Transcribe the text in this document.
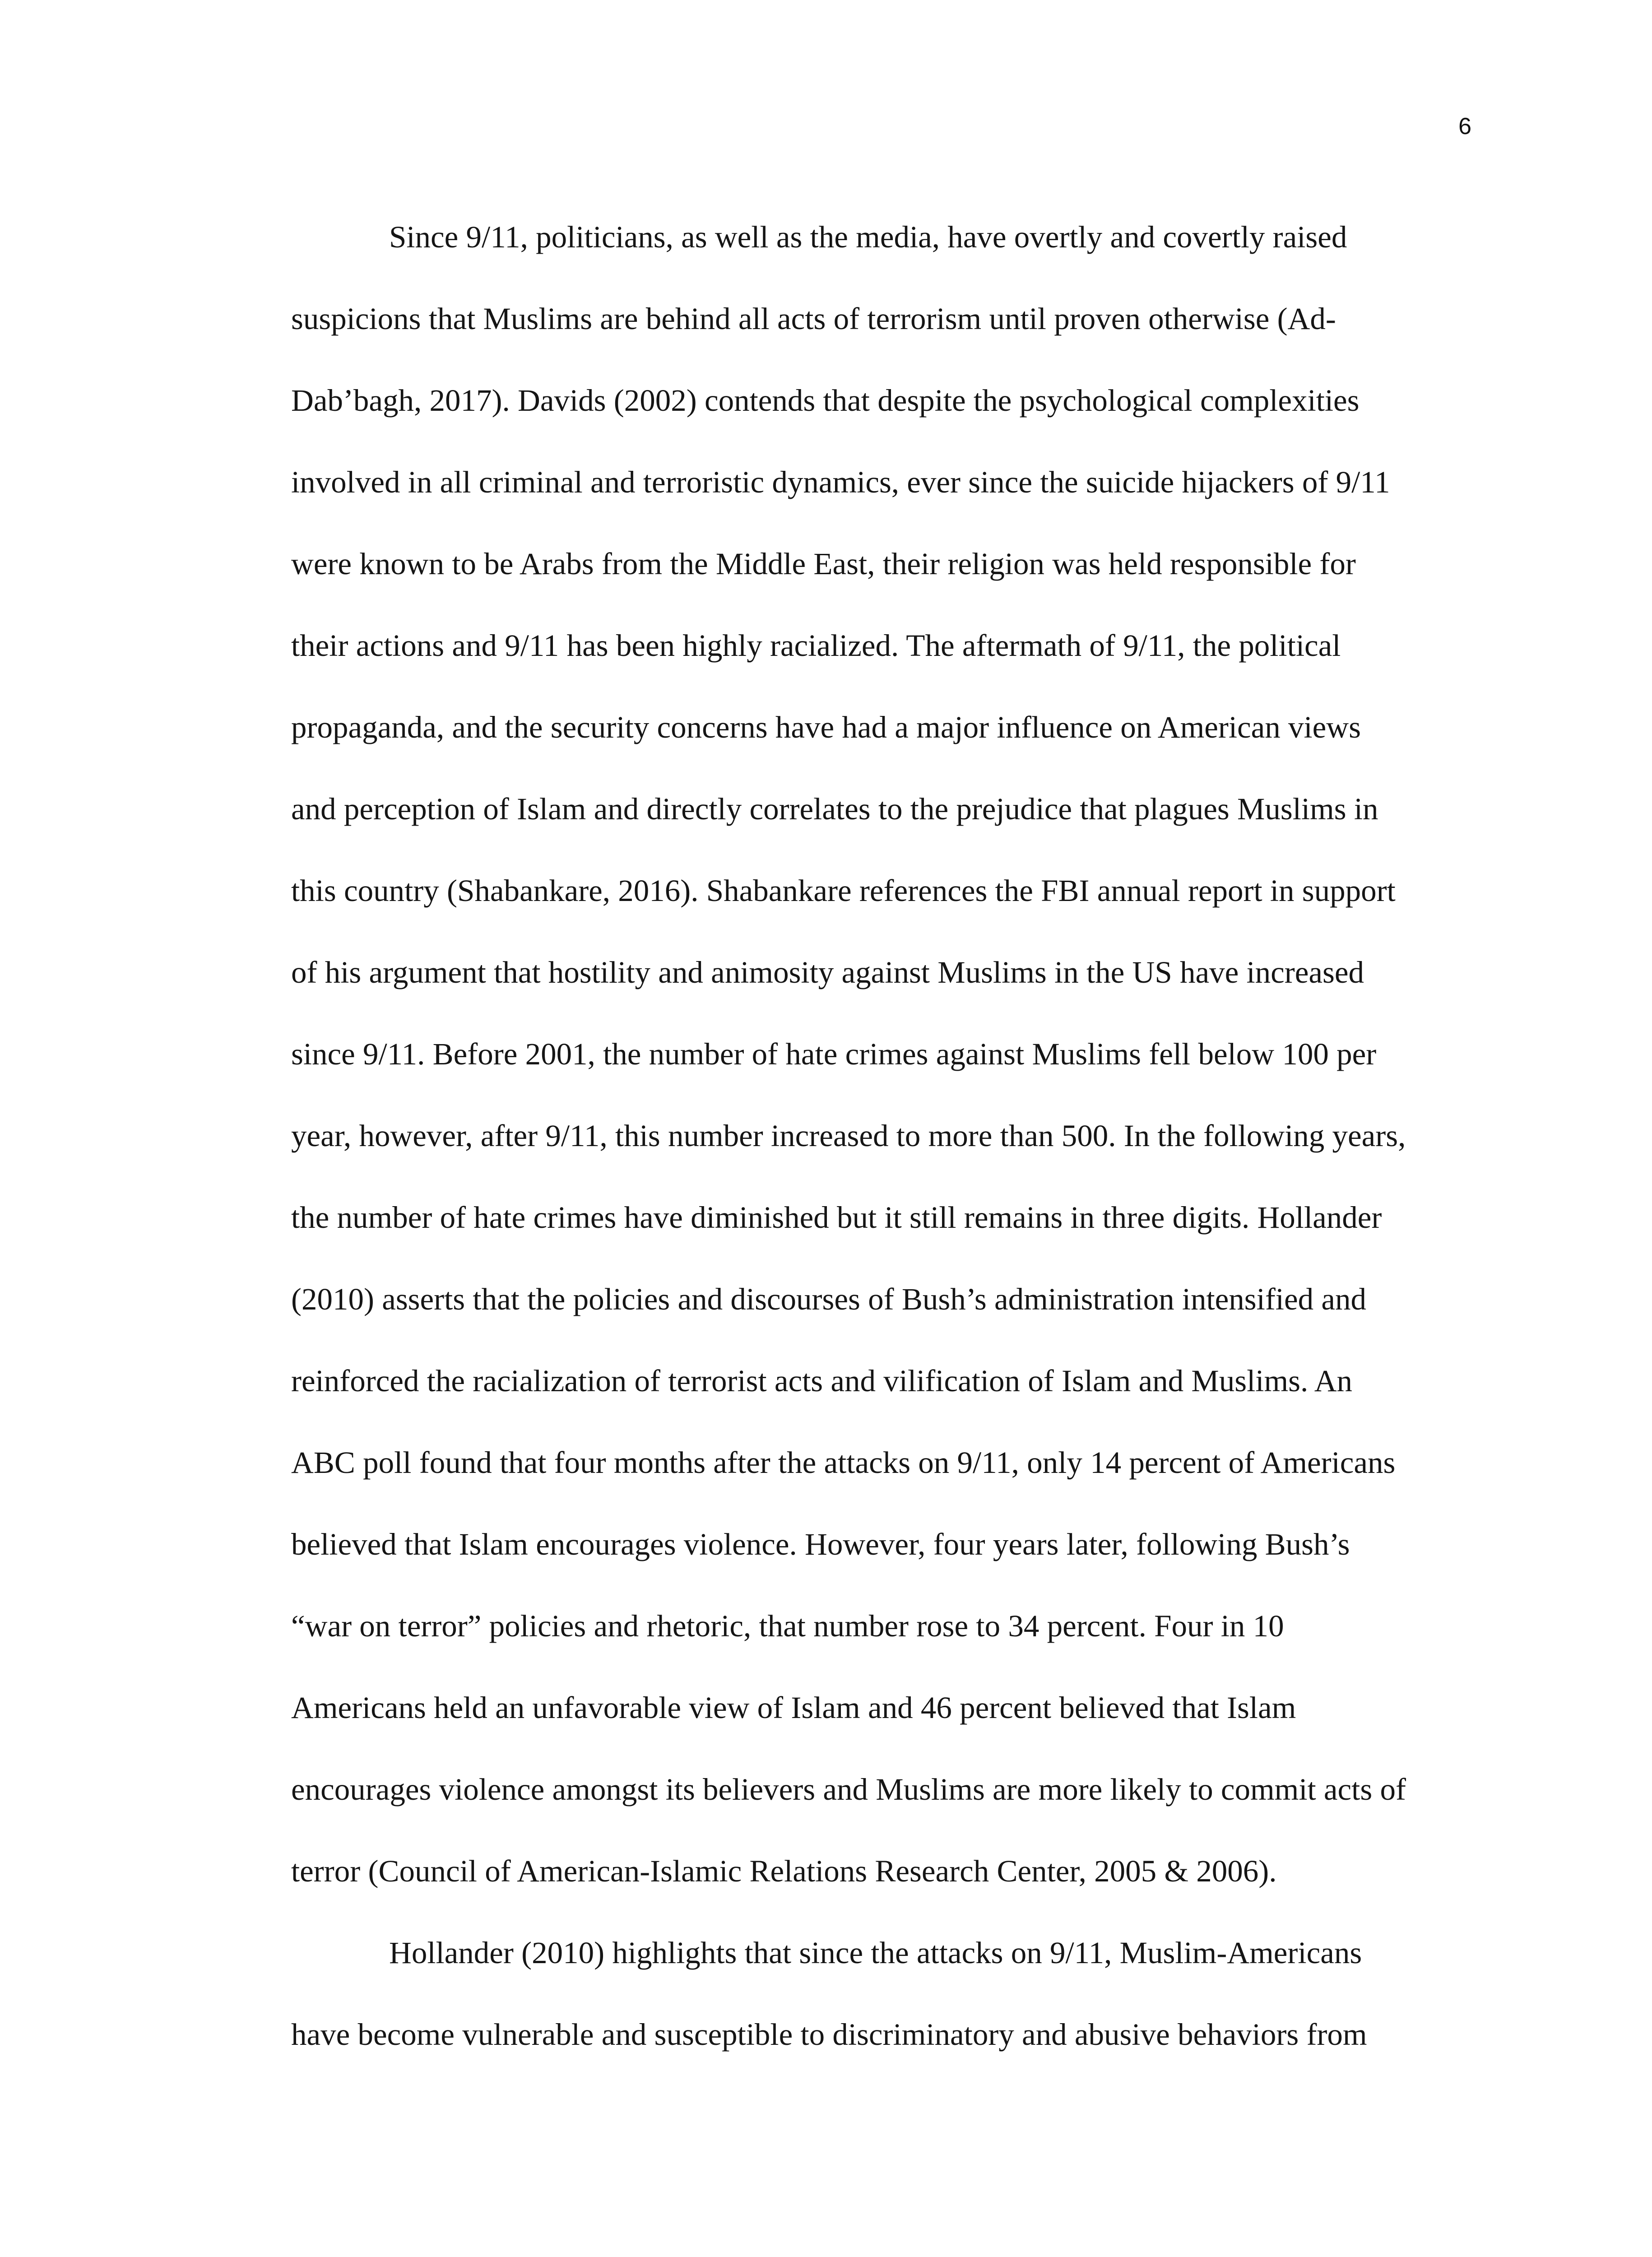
6
Since 9/11, politicians, as well as the media, have overtly and covertly raised
suspicions that Muslims are behind all acts of terrorism until proven otherwise (Ad-
Dab’bagh, 2017). Davids (2002) contends that despite the psychological complexities
involved in all criminal and terroristic dynamics, ever since the suicide hijackers of 9/11
were known to be Arabs from the Middle East, their religion was held responsible for
their actions and 9/11 has been highly racialized. The aftermath of 9/11, the political
propaganda, and the security concerns have had a major influence on American views
and perception of Islam and directly correlates to the prejudice that plagues Muslims in
this country (Shabankare, 2016). Shabankare references the FBI annual report in support
of his argument that hostility and animosity against Muslims in the US have increased
since 9/11. Before 2001, the number of hate crimes against Muslims fell below 100 per
year, however, after 9/11, this number increased to more than 500. In the following years,
the number of hate crimes have diminished but it still remains in three digits. Hollander
(2010) asserts that the policies and discourses of Bush’s administration intensified and
reinforced the racialization of terrorist acts and vilification of Islam and Muslims. An
ABC poll found that four months after the attacks on 9/11, only 14 percent of Americans
believed that Islam encourages violence. However, four years later, following Bush’s
“war on terror” policies and rhetoric, that number rose to 34 percent. Four in 10
Americans held an unfavorable view of Islam and 46 percent believed that Islam
encourages violence amongst its believers and Muslims are more likely to commit acts of
terror (Council of American-Islamic Relations Research Center, 2005 & 2006).
Hollander (2010) highlights that since the attacks on 9/11, Muslim-Americans
have become vulnerable and susceptible to discriminatory and abusive behaviors from
